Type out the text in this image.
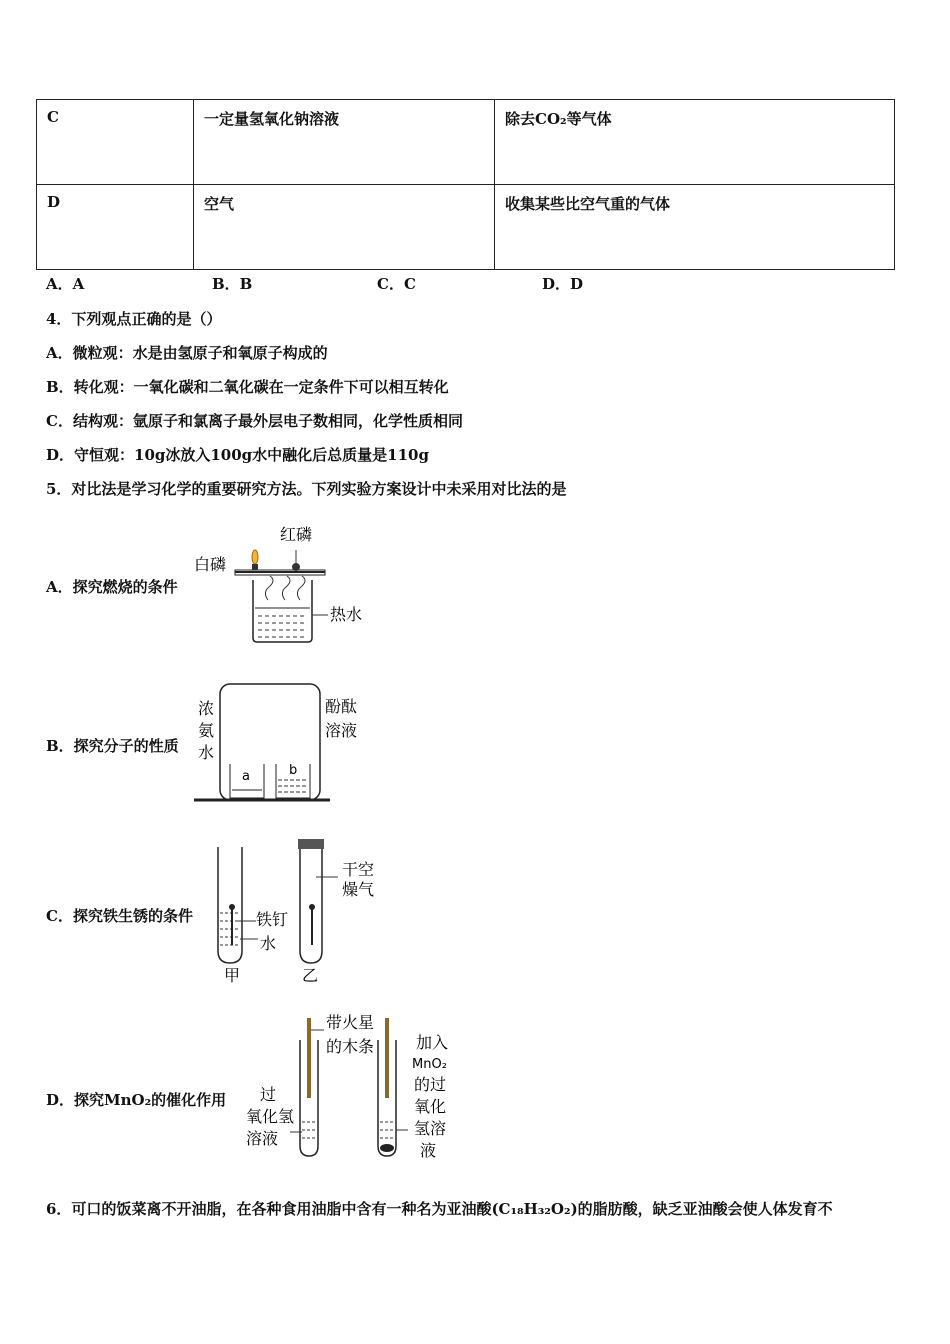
C	一定量氢氧化钠溶液	除去CO₂等气体
D	空气	收集某些比空气重的气体
A．A	B．B	C．C	D．D
4．下列观点正确的是（）
A．微粒观：水是由氢原子和氧原子构成的
B．转化观：一氧化碳和二氧化碳在一定条件下可以相互转化
C．结构观：氩原子和氯离子最外层电子数相同，化学性质相同
D．守恒观：10g冰放入100g水中融化后总质量是110g
5．对比法是学习化学的重要研究方法。下列实验方案设计中未采用对比法的是
A．探究燃烧的条件
B．探究分子的性质
C．探究铁生锈的条件
D．探究MnO₂的催化作用
红磷
白磷
热水
a	b
浓
氨
水
酚酞
溶液
干空
燥气
铁钉
水
甲	乙
带火星
的木条
过
氧化氢
溶液
加入
MnO₂
的过
氧化
氢溶
液
6．可口的饭菜离不开油脂，在各种食用油脂中含有一种名为亚油酸(C₁₈H₃₂O₂)的脂肪酸，缺乏亚油酸会使人体发育不
